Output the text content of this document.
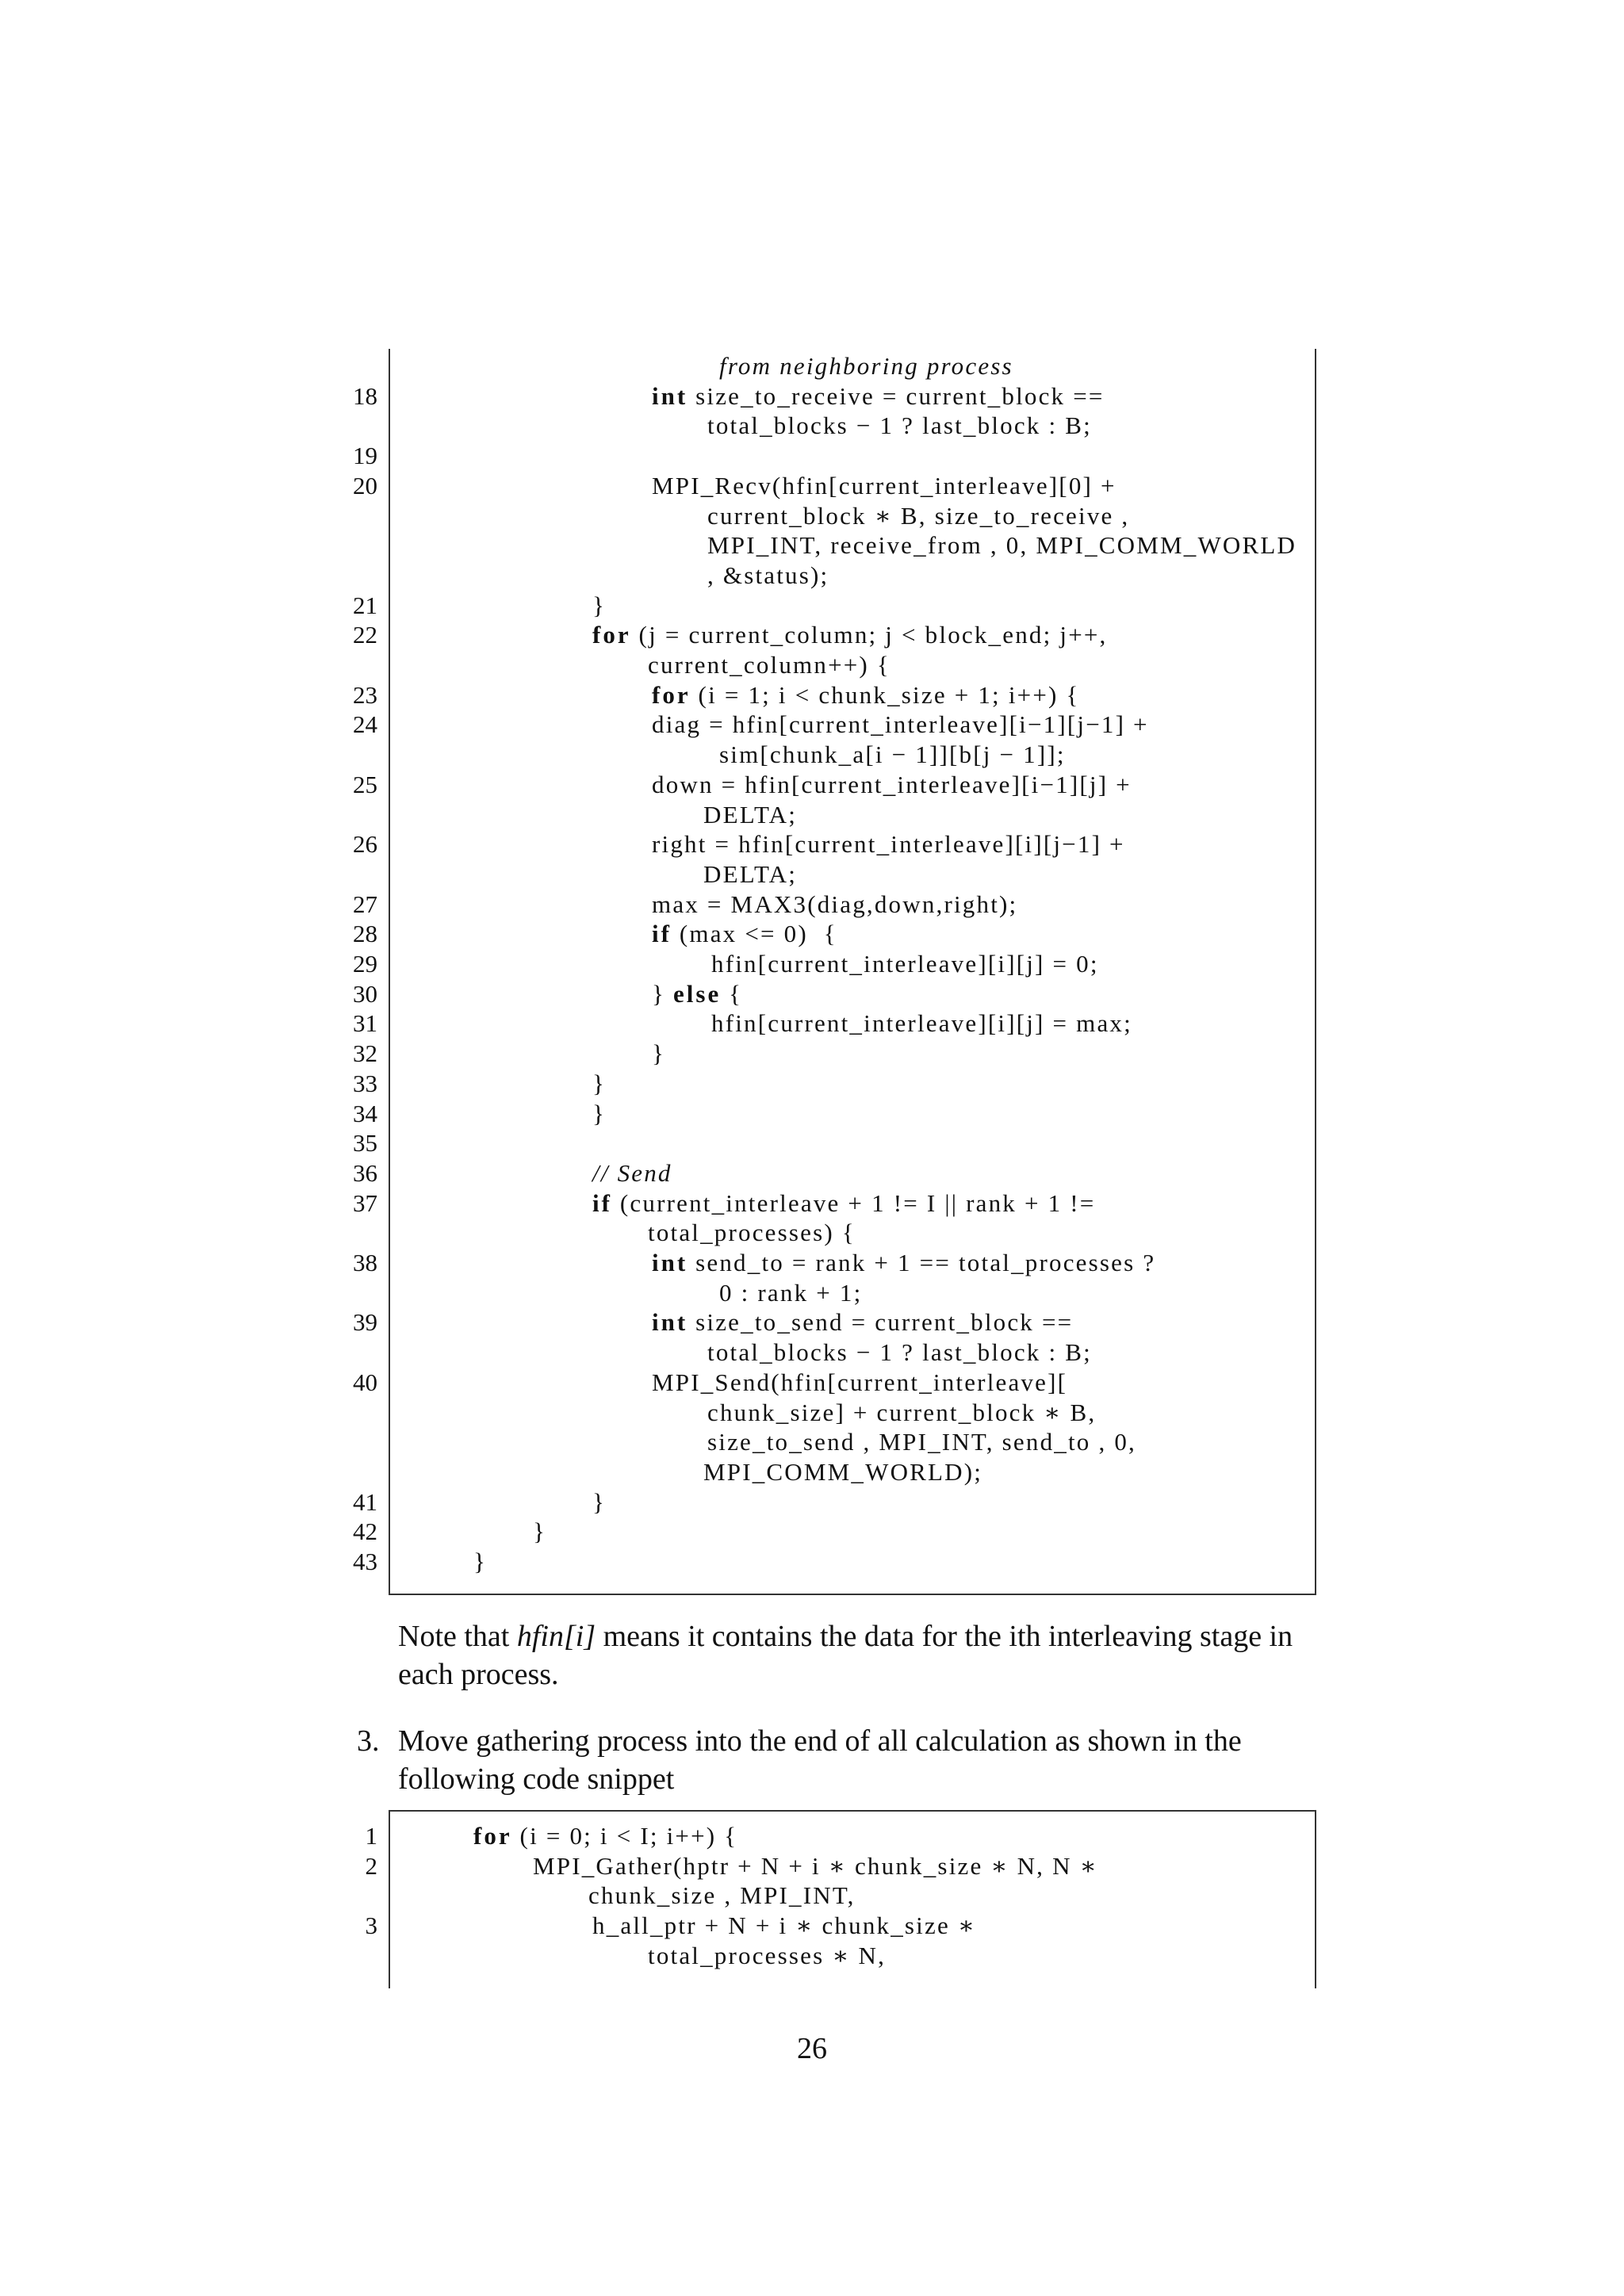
from neighboring process
18	int size_to_receive = current_block ==
total_blocks − 1 ? last_block : B;
19
20	MPI_Recv(hfin[current_interleave][0] +
current_block ∗ B, size_to_receive ,
MPI_INT, receive_from , 0, MPI_COMM_WORLD
, &status);
21	}
22	for (j = current_column; j < block_end; j++,
current_column++) {
23	for (i = 1; i < chunk_size + 1; i++) {
24	diag = hfin[current_interleave][i−1][j−1] +
sim[chunk_a[i − 1]][b[j − 1]];
25	down = hfin[current_interleave][i−1][j] +
DELTA;
26	right = hfin[current_interleave][i][j−1] +
DELTA;
27	max = MAX3(diag,down,right);
28	if (max <= 0)  {
29	hfin[current_interleave][i][j] = 0;
30	} else {
31	hfin[current_interleave][i][j] = max;
32	}
33	}
34	}
35
36	// Send
37	if (current_interleave + 1 != I || rank + 1 !=
total_processes) {
38	int send_to = rank + 1 == total_processes ?
0 : rank + 1;
39	int size_to_send = current_block ==
total_blocks − 1 ? last_block : B;
40	MPI_Send(hfin[current_interleave][
chunk_size] + current_block ∗ B,
size_to_send , MPI_INT, send_to , 0,
MPI_COMM_WORLD);
41	}
42	}
43	}
Note that hfin[i] means it contains the data for the ith interleaving stage in each process.
3. Move gathering process into the end of all calculation as shown in the following code snippet
1	for (i = 0; i < I; i++) {
2	MPI_Gather(hptr + N + i ∗ chunk_size ∗ N, N ∗
chunk_size , MPI_INT,
3	h_all_ptr + N + i ∗ chunk_size ∗
total_processes ∗ N,
26
